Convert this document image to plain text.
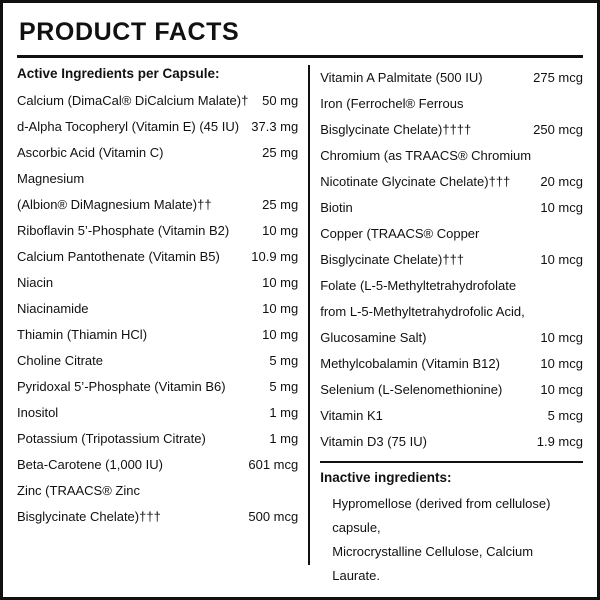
PRODUCT FACTS
Active Ingredients per Capsule:
Calcium (DimaCal® DiCalcium Malate)†	50 mg
d-Alpha Tocopheryl (Vitamin E) (45 IU)	37.3 mg
Ascorbic Acid (Vitamin C)	25 mg
Magnesium	
(Albion® DiMagnesium Malate)††	25 mg
Riboflavin 5’-Phosphate (Vitamin B2)	10 mg
Calcium Pantothenate (Vitamin B5)	10.9 mg
Niacin	10 mg
Niacinamide	10 mg
Thiamin (Thiamin HCl)	10 mg
Choline Citrate	5 mg
Pyridoxal 5’-Phosphate (Vitamin B6)	5 mg
Inositol	1 mg
Potassium (Tripotassium Citrate)	1 mg
Beta-Carotene (1,000 IU)	601 mcg
Zinc (TRAACS® Zinc	
Bisglycinate Chelate)†††	500 mcg
Vitamin A Palmitate (500 IU)	275 mcg
Iron (Ferrochel® Ferrous	
Bisglycinate Chelate)††††	250 mcg
Chromium (as TRAACS® Chromium	
Nicotinate Glycinate Chelate)†††	20 mcg
Biotin	10 mcg
Copper (TRAACS® Copper	
Bisglycinate Chelate)†††	10 mcg
Folate (L-5-Methyltetrahydrofolate	
from L-5-Methyltetrahydrofolic Acid,	
Glucosamine Salt)	10 mcg
Methylcobalamin (Vitamin B12)	10 mcg
Selenium (L-Selenomethionine)	10 mcg
Vitamin K1	5 mcg
Vitamin D3 (75 IU)	1.9 mcg
Inactive ingredients:
Hypromellose (derived from cellulose) capsule,
Microcrystalline Cellulose, Calcium Laurate.
